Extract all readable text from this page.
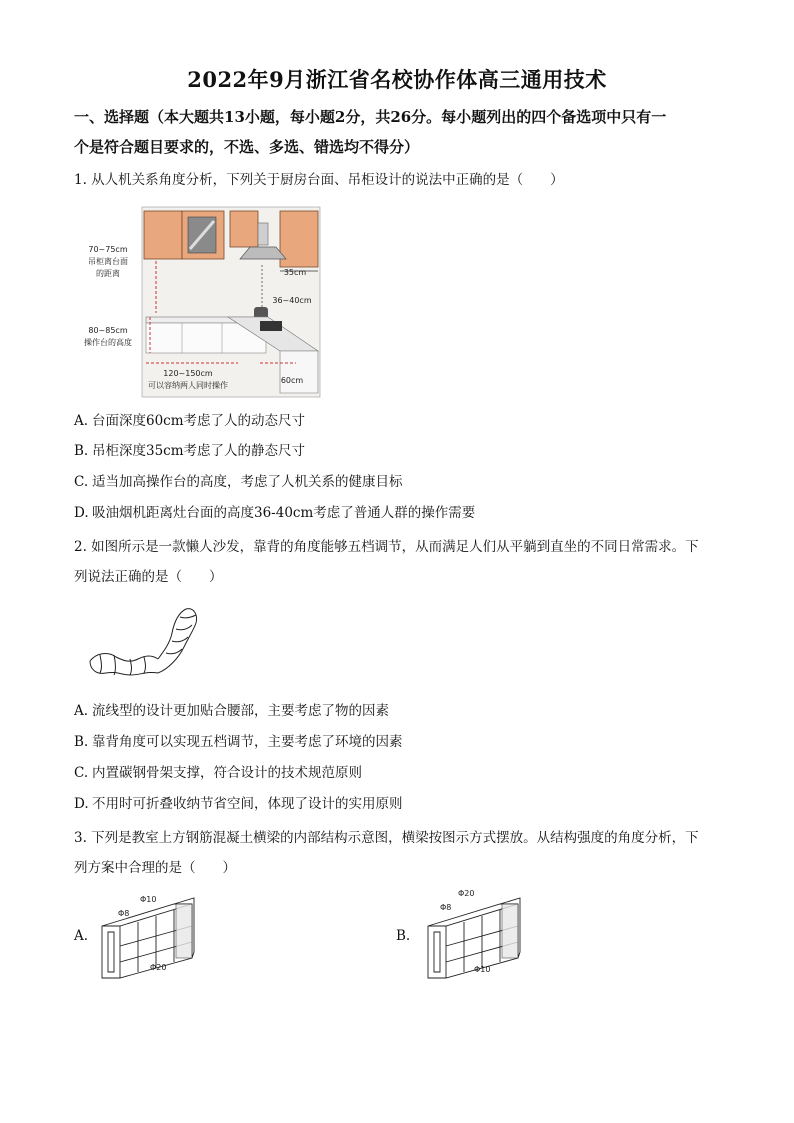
2022年9月浙江省名校协作体高三通用技术
一、选择题（本大题共13小题，每小题2分，共26分。每小题列出的四个备选项中只有一
个是符合题目要求的，不选、多选、错选均不得分）
1. 从人机关系角度分析，下列关于厨房台面、吊柜设计的说法中正确的是（　　）
35cm
36~40cm
60cm
70~75cm
吊柜离台面
的距离
80~85cm
操作台的高度
120~150cm
可以容纳两人同时操作
A. 台面深度60cm考虑了人的动态尺寸
B. 吊柜深度35cm考虑了人的静态尺寸
C. 适当加高操作台的高度，考虑了人机关系的健康目标
D. 吸油烟机距离灶台面的高度36-40cm考虑了普通人群的操作需要
2. 如图所示是一款懒人沙发，靠背的角度能够五档调节，从而满足人们从平躺到直坐的不同日常需求。下
列说法正确的是（　　）
A. 流线型的设计更加贴合腰部，主要考虑了物的因素
B. 靠背角度可以实现五档调节，主要考虑了环境的因素
C. 内置碳钢骨架支撑，符合设计的技术规范原则
D. 不用时可折叠收纳节省空间，体现了设计的实用原则
3. 下列是教室上方钢筋混凝土横梁的内部结构示意图，横梁按图示方式摆放。从结构强度的角度分析，下
列方案中合理的是（　　）
A.
Φ10
Φ8
Φ20
B.
Φ20
Φ8
Φ10
